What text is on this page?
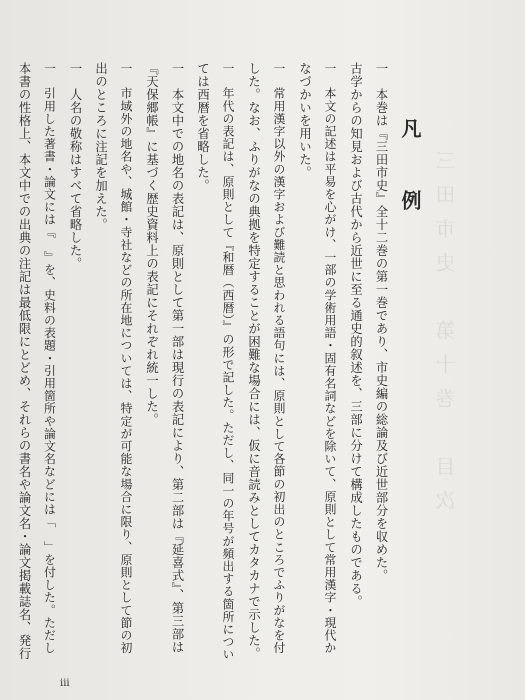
三田市史　第十巻　目次
凡　例
一　本巻は『三田市史』全十二巻の第一巻であり、市史編の総論及び近世部分を収めた。
古学からの知見および古代から近世に至る通史的叙述を、三部に分けて構成したものである。
一　本文の記述は平易を心がけ、一部の学術用語・固有名詞などを除いて、原則として常用漢字・現代か
なづかいを用いた。
一　常用漢字以外の漢字および難読と思われる語句には、原則として各節の初出のところでふりがなを付
した。なお、ふりがなの典拠を特定することが困難な場合には、仮に音読みとしてカタカナで示した。
一　年代の表記は、原則として『和暦（西暦）』の形で記した。ただし、同一の年号が頻出する箇所につい
ては西暦を省略した。
一　本文中での地名の表記は、原則として第一部は現行の表記により、第二部は『延喜式』、第三部は
『天保郷帳』に基づく歴史資料上の表記にそれぞれ統一した。
一　市域外の地名や、城館・寺社などの所在地については、特定が可能な場合に限り、原則として節の初
出のところに注記を加えた。
一　人名の敬称はすべて省略した。
一　引用した著書・論文には『　』を、史料の表題・引用箇所や論文名などには「　」を付した。ただし
本書の性格上、本文中での出典の注記は最低限にとどめ、それらの書名や論文名・論文掲載誌名、発行
iii
